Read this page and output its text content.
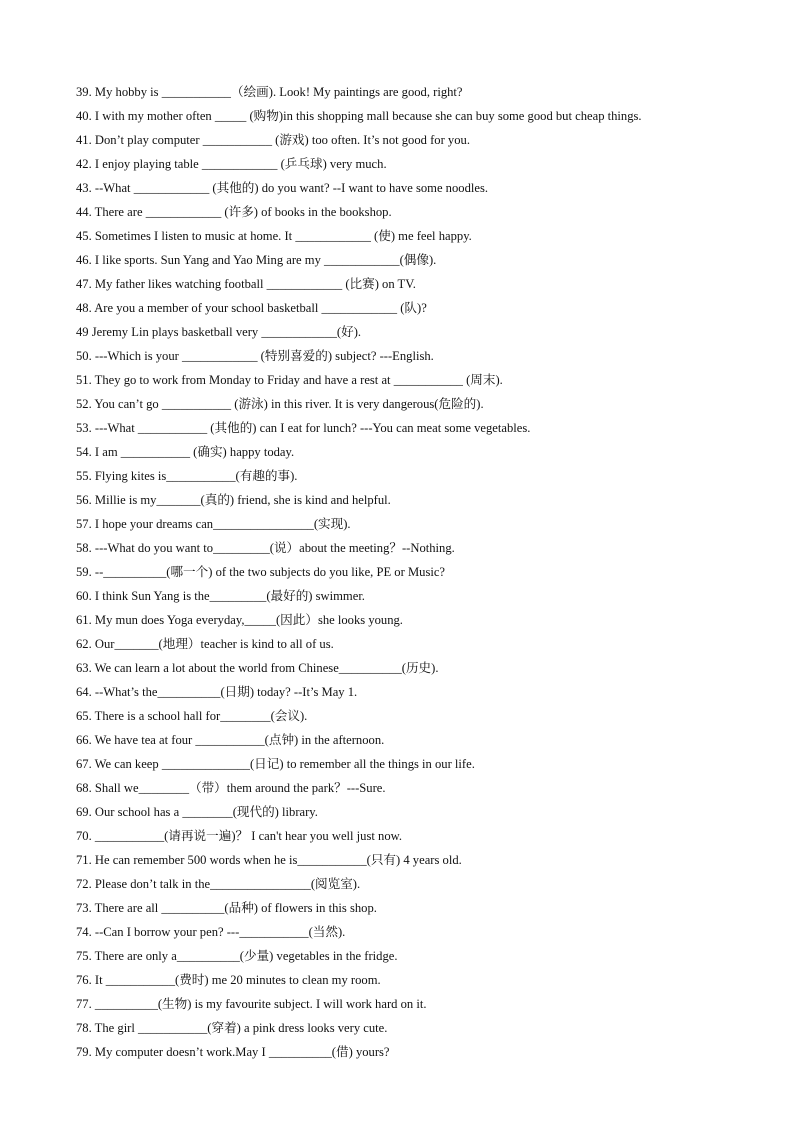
39. My hobby is ___________（绘画). Look! My paintings are good, right?
40. I with my mother often _____ (购物)in this shopping mall because she can buy some good but cheap things.
41. Don’t play computer ___________ (游戏) too often. It’s not good for you.
42. I enjoy playing table ____________ (乒乓球) very much.
43. --What ____________ (其他的) do you want? --I want to have some noodles.
44. There are ____________ (许多) of books in the bookshop.
45. Sometimes I listen to music at home. It ____________ (使) me feel happy.
46. I like sports. Sun Yang and Yao Ming are my ____________(偶像).
47. My father likes watching football ____________ (比赛) on TV.
48. Are you a member of your school basketball ____________ (队)?
49 Jeremy Lin plays basketball very ____________(好).
50. ---Which is your ____________ (特别喜爱的) subject? ---English.
51. They go to work from Monday to Friday and have a rest at ___________ (周末).
52. You can’t go ___________ (游泳) in this river. It is very dangerous(危险的).
53. ---What ___________ (其他的) can I eat for lunch? ---You can meat some vegetables.
54. I am ___________ (确实) happy today.
55. Flying kites is___________(有趣的事).
56. Millie is my_______(真的) friend, she is kind and helpful.
57. I hope your dreams can________________(实现).
58. ---What do you want to_________(说）about the meeting？--Nothing.
59. --__________(哪一个) of the two subjects do you like, PE or Music?
60. I think Sun Yang is the_________(最好的) swimmer.
61. My mun does Yoga everyday,_____(因此）she looks young.
62. Our_______(地理）teacher is kind to all of us.
63. We can learn a lot about the world from Chinese__________(历史).
64. --What’s the__________(日期) today? --It’s May 1.
65. There is a school hall for________(会议).
66. We have tea at four ___________(点钟) in the afternoon.
67. We can keep ______________(日记) to remember all the things in our life.
68. Shall we________（带）them around the park？---Sure.
69. Our school has a ________(现代的) library.
70. ___________(请再说一遍)？ I can't hear you well just now.
71. He can remember 500 words when he is___________(只有) 4 years old.
72. Please don’t talk in the________________(阅览室).
73. There are all __________(品种) of flowers in this shop.
74. --Can I borrow your pen? ---___________(当然).
75. There are only a__________(少量) vegetables in the fridge.
76. It ___________(费时) me 20 minutes to clean my room.
77. __________(生物) is my favourite subject. I will work hard on it.
78. The girl ___________(穿着) a pink dress looks very cute.
79. My computer doesn’t work.May I __________(借) yours?
